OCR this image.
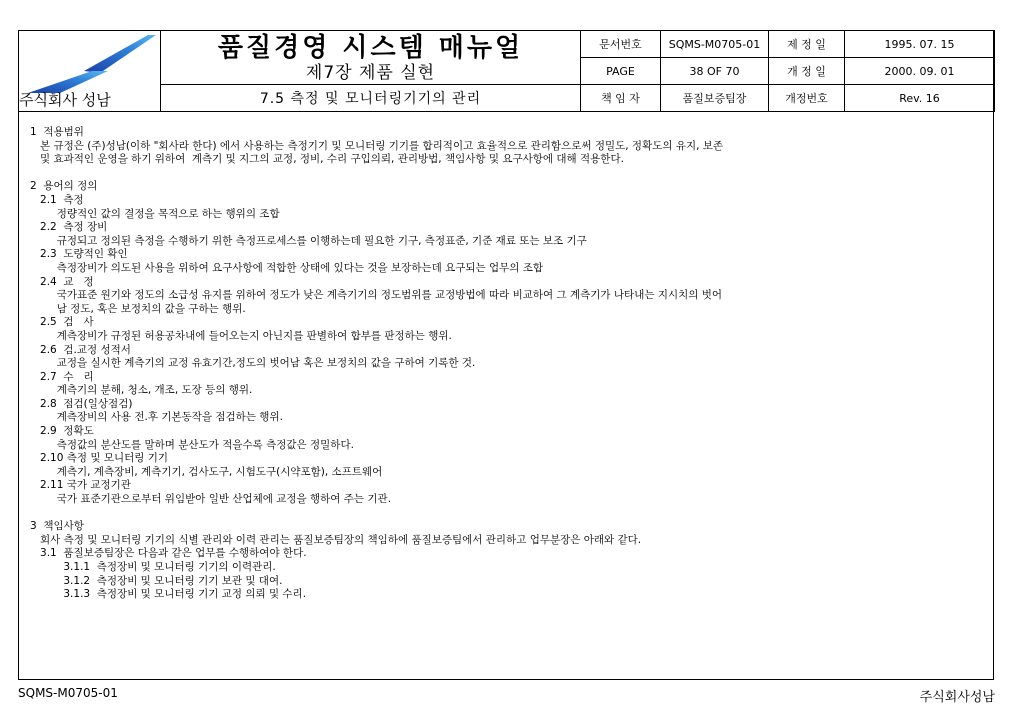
주식회사 성남	품질경영 시스템 매뉴얼
제7장 제품 실현	문서번호	SQMS-M0705-01	제 정 일	1995. 07. 15
		PAGE	38 OF 70	개 정 일	2000. 09. 01
	7.5 측정 및 모니터링기기의 관리	책 임 자	품질보증팀장	개정번호	Rev. 16
1  적용범위
본 규정은 (주)성남(이하 "회사라 한다) 에서 사용하는 측정기기 및 모니터링 기기를 합리적이고 효율적으로 관리함으로써 정밀도, 정확도의 유지, 보존
및 효과적인 운영을 하기 위하여  계측기 및 지그의 교정, 정비, 수리 구입의뢰, 관리방법, 책임사항 및 요구사항에 대해 적용한다.
2  용어의 정의
2.1  측정
정량적인 값의 결정을 목적으로 하는 행위의 조합
2.2  측정 장비
규정되고 정의된 측정을 수행하기 위한 측정프로세스를 이행하는데 필요한 기구, 측정표준, 기준 재료 또는 보조 기구
2.3  도량적인 확인
측정장비가 의도된 사용을 위하여 요구사항에 적합한 상태에 있다는 것을 보장하는데 요구되는 업무의 조합
2.4  교   정
국가표준 원기와 정도의 소급성 유지를 위하여 정도가 낮은 계측기기의 정도범위를 교정방법에 따라 비교하여 그 계측기가 나타내는 지시치의 벗어
남 정도, 혹은 보정치의 값을 구하는 행위.
2.5  검   사
계측장비가 규정된 허용공차내에 들어오는지 아닌지를 판별하여 합부를 판정하는 행위.
2.6  검.교정 성적서
교정을 실시한 계측기의 교정 유효기간,정도의 벗어남 혹은 보정치의 값을 구하여 기록한 것.
2.7  수   리
계측기의 분해, 청소, 개조, 도장 등의 행위.
2.8  점검(일상점검)
계측장비의 사용 전.후 기본동작을 점검하는 행위.
2.9  정확도
측정값의 분산도를 말하며 분산도가 적을수록 측정값은 정밀하다.
2.10 측정 및 모니터링 기기
계측기, 계측장비, 계측기기, 검사도구, 시험도구(시약포함), 소프트웨어
2.11 국가 교정기관
국가 표준기관으로부터 위임받아 일반 산업체에 교정을 행하여 주는 기관.
3  책임사항
회사 측정 및 모니터링 기기의 식별 관리와 이력 관리는 품질보증팀장의 책임하에 품질보증팀에서 관리하고 업무분장은 아래와 같다.
3.1  품질보증팀장은 다음과 같은 업무를 수행하여야 한다.
3.1.1  측정장비 및 모니터링 기기의 이력관리.
3.1.2  측정장비 및 모니터링 기기 보관 및 대여.
3.1.3  측정장비 및 모니터링 기기 교정 의뢰 및 수리.
SQMS-M0705-01	주식회사성남
